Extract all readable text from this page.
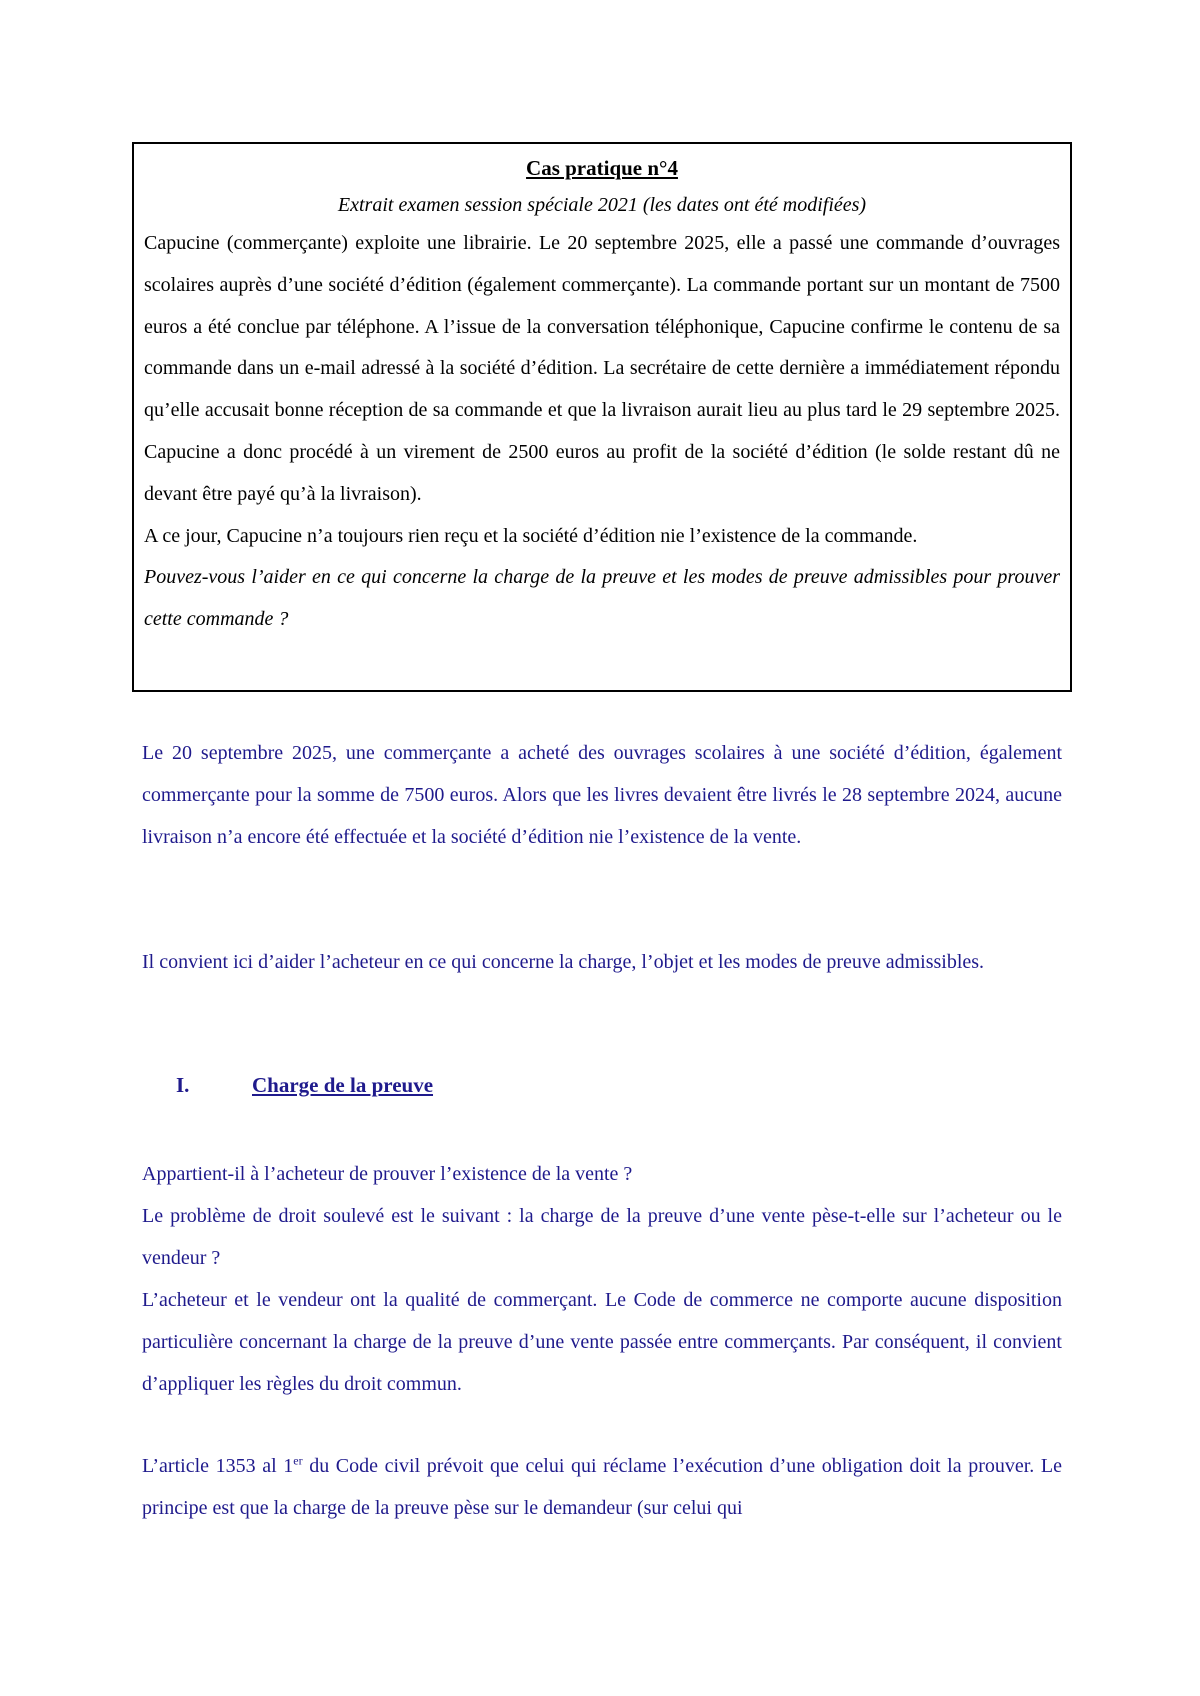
Cas pratique n°4
Extrait examen session spéciale 2021 (les dates ont été modifiées)

Capucine (commerçante) exploite une librairie. Le 20 septembre 2025, elle a passé une commande d’ouvrages scolaires auprès d’une société d’édition (également commerçante). La commande portant sur un montant de 7500 euros a été conclue par téléphone. A l’issue de la conversation téléphonique, Capucine confirme le contenu de sa commande dans un e-mail adressé à la société d’édition. La secrétaire de cette dernière a immédiatement répondu qu’elle accusait bonne réception de sa commande et que la livraison aurait lieu au plus tard le 29 septembre 2025. Capucine a donc procédé à un virement de 2500 euros au profit de la société d’édition (le solde restant dû ne devant être payé qu’à la livraison).

A ce jour, Capucine n’a toujours rien reçu et la société d’édition nie l’existence de la commande.

Pouvez-vous l’aider en ce qui concerne la charge de la preuve et les modes de preuve admissibles pour prouver cette commande ?

Le 20 septembre 2025, une commerçante a acheté des ouvrages scolaires à une société d’édition, également commerçante pour la somme de 7500 euros. Alors que les livres devaient être livrés le 28 septembre 2024, aucune livraison n’a encore été effectuée et la société d’édition nie l’existence de la vente.

Il convient ici d’aider l’acheteur en ce qui concerne la charge, l’objet et les modes de preuve admissibles.

I.	Charge de la preuve

Appartient-il à l’acheteur de prouver l’existence de la vente ?
Le problème de droit soulevé est le suivant : la charge de la preuve d’une vente pèse-t-elle sur l’acheteur ou le vendeur ?
L’acheteur et le vendeur ont la qualité de commerçant. Le Code de commerce ne comporte aucune disposition particulière concernant la charge de la preuve d’une vente passée entre commerçants. Par conséquent, il convient d’appliquer les règles du droit commun.

L’article 1353 al 1er du Code civil prévoit que celui qui réclame l’exécution d’une obligation doit la prouver. Le principe est que la charge de la preuve pèse sur le demandeur (sur celui qui
